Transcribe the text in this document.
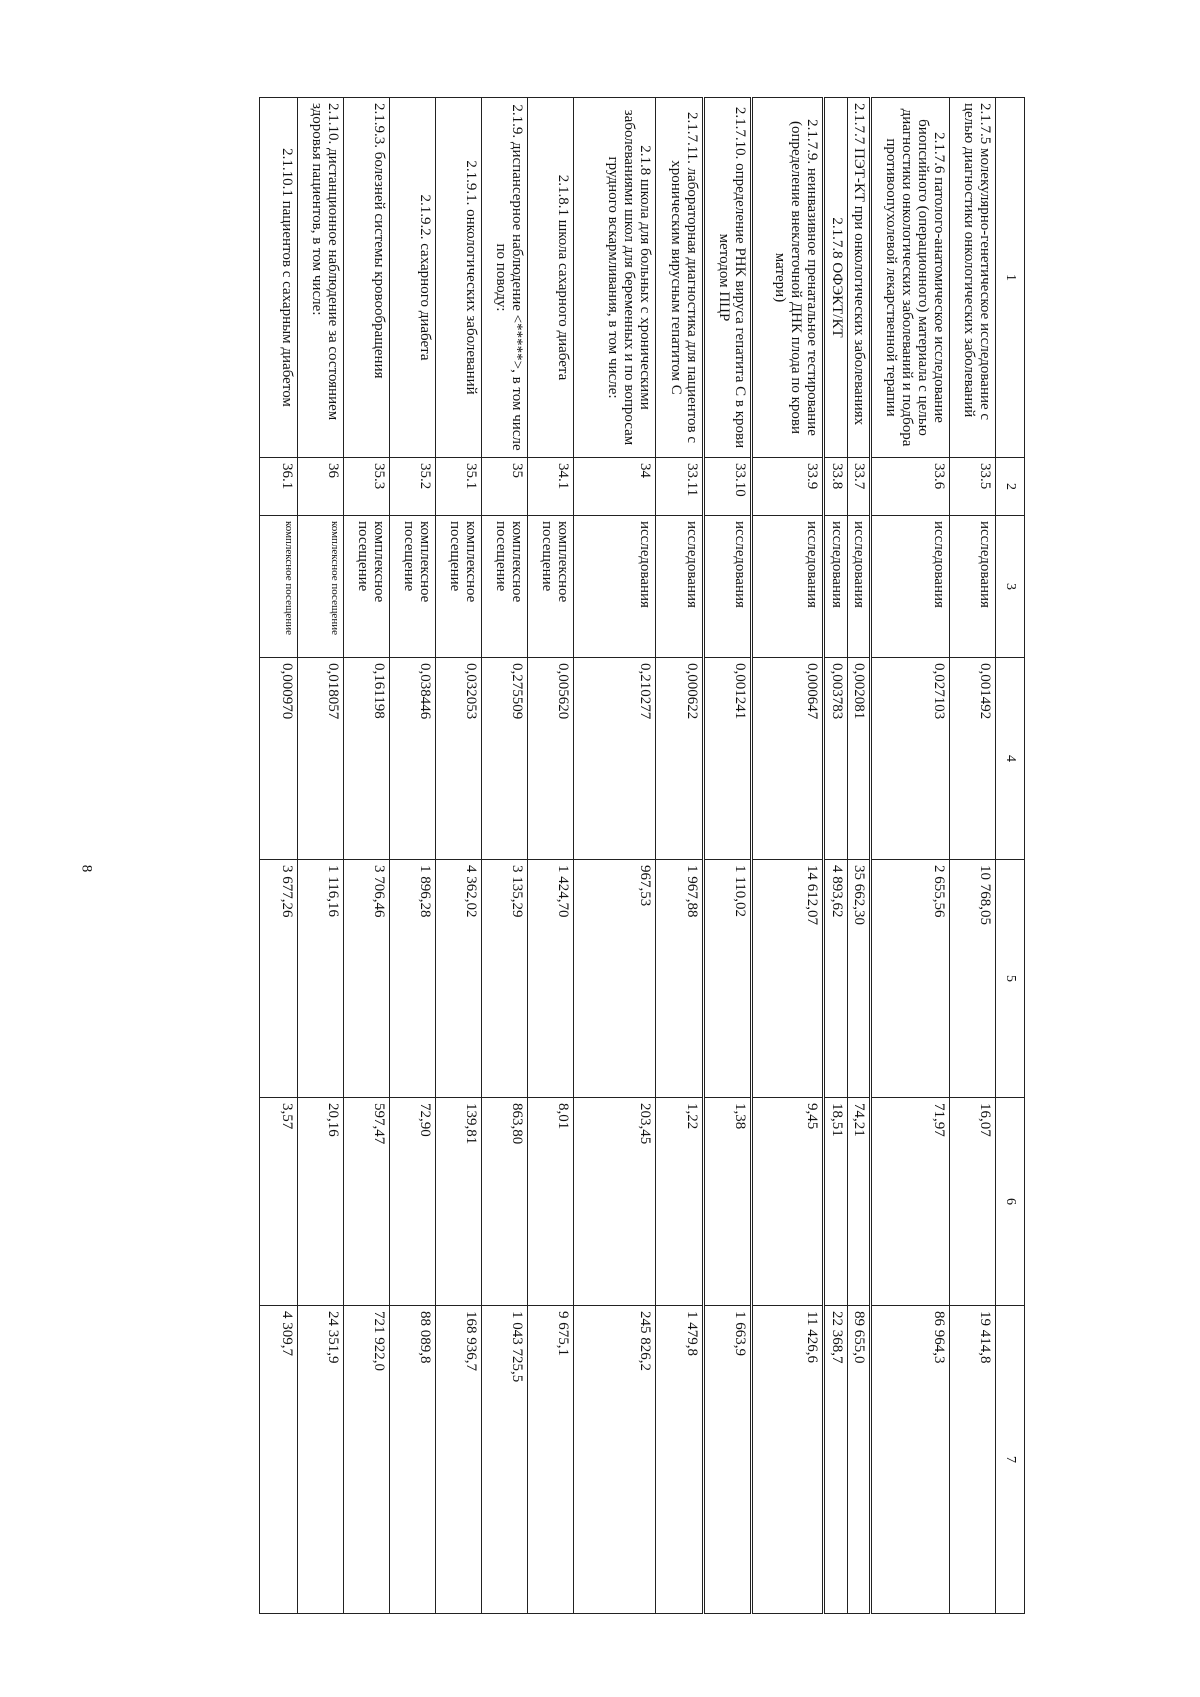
8
1	2	3	4	5	6	7
2.1.7.5 молекулярно-генетическое исследование с целью диагностики онкологических заболеваний	33.5	исследования	0,001492	10 768,05	16,07	19 414,8
2.1.7.6 патолого-анатомическое исследование биопсийного (операционного) материала с целью диагностики онкологических заболеваний и подбора противоопухолевой лекарственной терапии	33.6	исследования	0,027103	2 655,56	71,97	86 964,3
2.1.7.7 ПЭТ-КТ при онкологических заболеваниях	33.7	исследования	0,002081	35 662,30	74,21	89 655,0
2.1.7.8 ОФЭКТ/КТ	33.8	исследования	0,003783	4 893,62	18,51	22 368,7
2.1.7.9. неинвазивное пренатальное тестирование (определение внеклеточной ДНК плода по крови матери)	33.9	исследования	0,000647	14 612,07	9,45	11 426,6
2.1.7.10. определение РНК вируса гепатита С в крови методом ПЦР	33.10	исследования	0,001241	1 110,02	1,38	1 663,9
2.1.7.11. лабораторная диагностика для пациентов с хроническим вирусным гепатитом С	33.11	исследования	0,000622	1 967,88	1,22	1 479,8
2.1.8 школа для больных с хроническими заболеваниями школ для беременных и по вопросам грудного вскармливания, в том числе:	34	исследования	0,210277	967,53	203,45	245 826,2
2.1.8.1 школа сахарного диабета	34.1	комплексное посещение	0,005620	1 424,70	8,01	9 675,1
2.1.9. диспансерное наблюдение <*****>, в том числе по поводу:	35	комплексное посещение	0,275509	3 135,29	863,80	1 043 725,5
2.1.9.1. онкологических заболеваний	35.1	комплексное посещение	0,032053	4 362,02	139,81	168 936,7
2.1.9.2. сахарного диабета	35.2	комплексное посещение	0,038446	1 896,28	72,90	88 089,8
2.1.9.3. болезней системы кровообращения	35.3	комплексное посещение	0,161198	3 706,46	597,47	721 922,0
2.1.10. дистанционное наблюдение за состоянием здоровья пациентов, в том числе:	36	комплексное посещение	0,018057	1 116,16	20,16	24 351,9
2.1.10.1 пациентов с сахарным диабетом	36.1	комплексное посещение	0,000970	3 677,26	3,57	4 309,7
